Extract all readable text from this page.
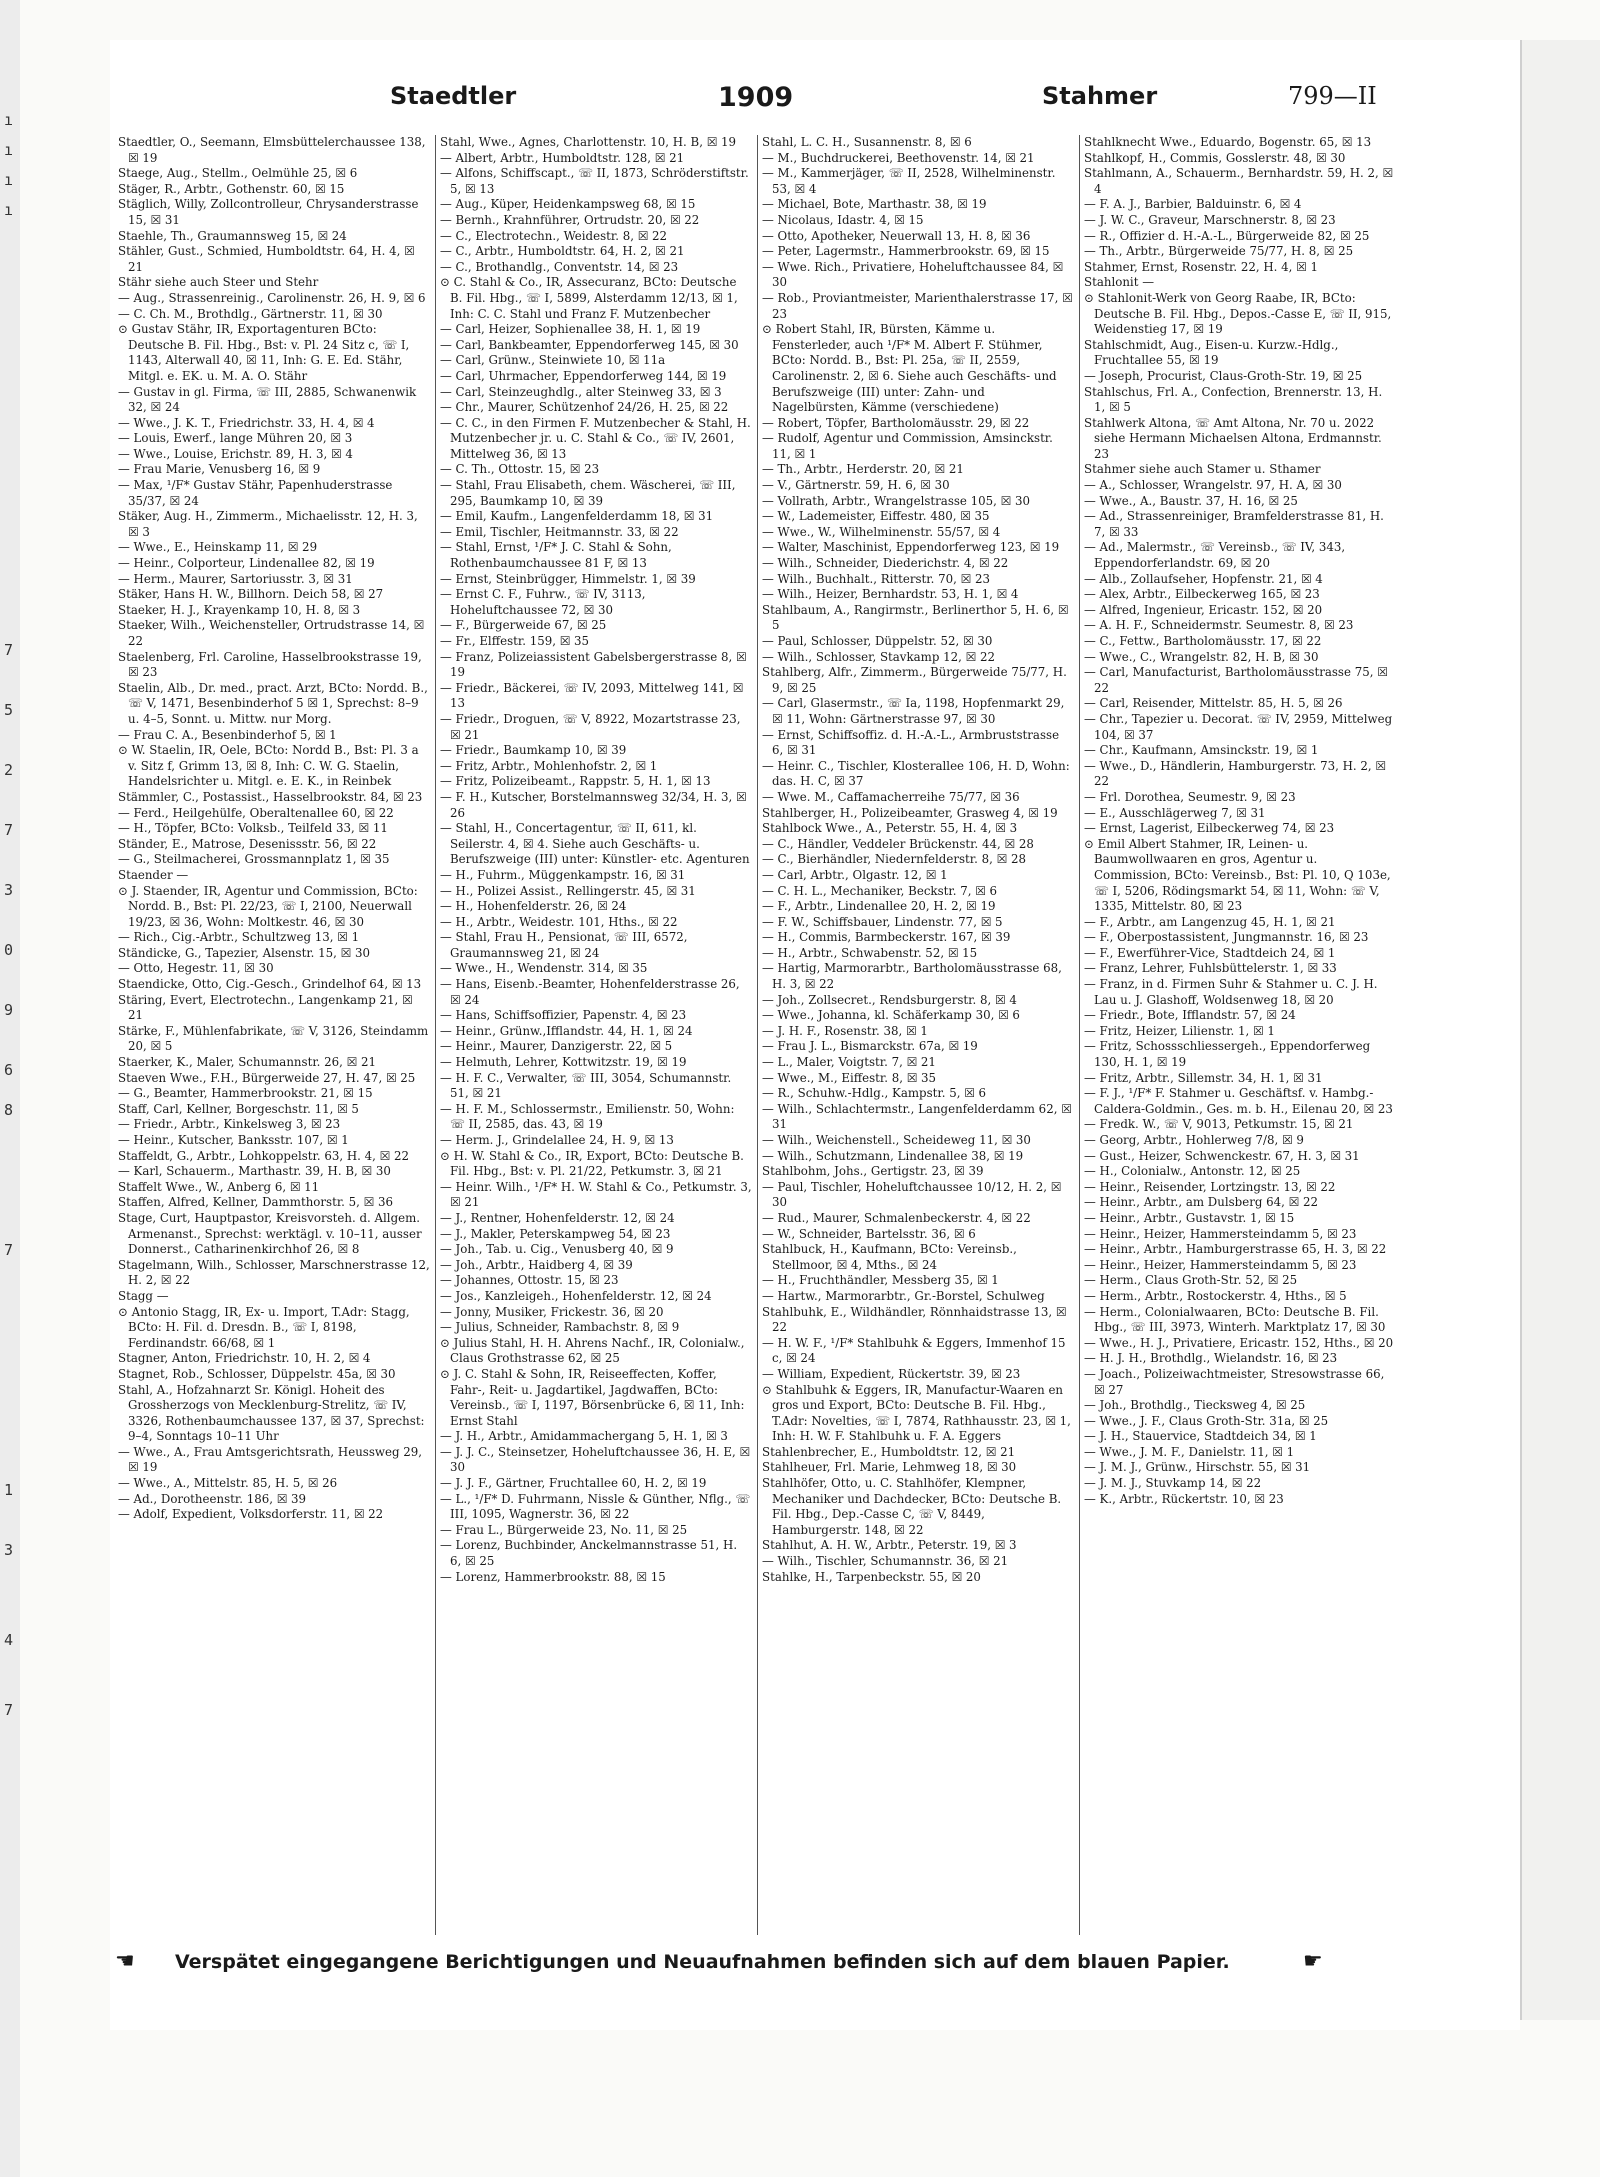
ı
ı
ı
ı
7
5
2
7
3
0
9
6
8
7
1
3
4
7
Staedtler	1909	Stahmer	799—II

Staedtler, O., Seemann, Elmsbüttelerchaussee 138, ☒ 19

Staege, Aug., Stellm., Oelmühle 25, ☒ 6

Stäger, R., Arbtr., Gothenstr. 60, ☒ 15

Stäglich, Willy, Zollcontrolleur, Chrysanderstrasse 15, ☒ 31

Staehle, Th., Graumannsweg 15, ☒ 24

Stähler, Gust., Schmied, Humboldtstr. 64, H. 4, ☒ 21

Stähr siehe auch Steer und Stehr

— Aug., Strassenreinig., Carolinenstr. 26, H. 9, ☒ 6

— C. Ch. M., Brothdlg., Gärtnerstr. 11, ☒ 30

⊙ Gustav Stähr, IR, Exportagenturen BCto: Deutsche B. Fil. Hbg., Bst: v. Pl. 24 Sitz c, ☏ I, 1143, Alterwall 40, ☒ 11, Inh: G. E. Ed. Stähr, Mitgl. e. EK. u. M. A. O. Stähr

— Gustav in gl. Firma, ☏ III, 2885, Schwanenwik 32, ☒ 24

— Wwe., J. K. T., Friedrichstr. 33, H. 4, ☒ 4

— Louis, Ewerf., lange Mühren 20, ☒ 3

— Wwe., Louise, Erichstr. 89, H. 3, ☒ 4

— Frau Marie, Venusberg 16, ☒ 9

— Max, ¹/F* Gustav Stähr, Papenhuderstrasse 35/37, ☒ 24

Stäker, Aug. H., Zimmerm., Michaelisstr. 12, H. 3, ☒ 3

— Wwe., E., Heinskamp 11, ☒ 29

— Heinr., Colporteur, Lindenallee 82, ☒ 19

— Herm., Maurer, Sartoriusstr. 3, ☒ 31

Stäker, Hans H. W., Billhorn. Deich 58, ☒ 27

Staeker, H. J., Krayenkamp 10, H. 8, ☒ 3

Staeker, Wilh., Weichensteller, Ortrudstrasse 14, ☒ 22

Staelenberg, Frl. Caroline, Hasselbrookstrasse 19, ☒ 23

Staelin, Alb., Dr. med., pract. Arzt, BCto: Nordd. B., ☏ V, 1471, Besenbinderhof 5 ☒ 1, Sprechst: 8–9 u. 4–5, Sonnt. u. Mittw. nur Morg.

— Frau C. A., Besenbinderhof 5, ☒ 1

⊙ W. Staelin, IR, Oele, BCto: Nordd B., Bst: Pl. 3 a v. Sitz f, Grimm 13, ☒ 8, Inh: C. W. G. Staelin, Handelsrichter u. Mitgl. e. E. K., in Reinbek

Stämmler, C., Postassist., Hasselbrookstr. 84, ☒ 23

— Ferd., Heilgehülfe, Oberaltenallee 60, ☒ 22

— H., Töpfer, BCto: Volksb., Teilfeld 33, ☒ 11

Ständer, E., Matrose, Desenissstr. 56, ☒ 22

— G., Steilmacherei, Grossmannplatz 1, ☒ 35

Staender —

⊙ J. Staender, IR, Agentur und Commission, BCto: Nordd. B., Bst: Pl. 22/23, ☏ I, 2100, Neuerwall 19/23, ☒ 36, Wohn: Moltkestr. 46, ☒ 30

— Rich., Cig.-Arbtr., Schultzweg 13, ☒ 1

Ständicke, G., Tapezier, Alsenstr. 15, ☒ 30

— Otto, Hegestr. 11, ☒ 30

Staendicke, Otto, Cig.-Gesch., Grindelhof 64, ☒ 13

Stäring, Evert, Electrotechn., Langenkamp 21, ☒ 21

Stärke, F., Mühlenfabrikate, ☏ V, 3126, Steindamm 20, ☒ 5

Staerker, K., Maler, Schumannstr. 26, ☒ 21

Staeven Wwe., F.H., Bürgerweide 27, H. 47, ☒ 25

— G., Beamter, Hammerbrookstr. 21, ☒ 15

Staff, Carl, Kellner, Borgeschstr. 11, ☒ 5

— Friedr., Arbtr., Kinkelsweg 3, ☒ 23

— Heinr., Kutscher, Banksstr. 107, ☒ 1

Staffeldt, G., Arbtr., Lohkoppelstr. 63, H. 4, ☒ 22

— Karl, Schauerm., Marthastr. 39, H. B, ☒ 30

Staffelt Wwe., W., Anberg 6, ☒ 11

Staffen, Alfred, Kellner, Dammthorstr. 5, ☒ 36

Stage, Curt, Hauptpastor, Kreisvorsteh. d. Allgem. Armenanst., Sprechst: werktägl. v. 10–11, ausser Donnerst., Catharinenkirchhof 26, ☒ 8

Stagelmann, Wilh., Schlosser, Marschnerstrasse 12, H. 2, ☒ 22

Stagg —

⊙ Antonio Stagg, IR, Ex- u. Import, T.Adr: Stagg, BCto: H. Fil. d. Dresdn. B., ☏ I, 8198, Ferdinandstr. 66/68, ☒ 1

Stagner, Anton, Friedrichstr. 10, H. 2, ☒ 4

Stagnet, Rob., Schlosser, Düppelstr. 45a, ☒ 30

Stahl, A., Hofzahnarzt Sr. Königl. Hoheit des Grossherzogs von Mecklenburg-Strelitz, ☏ IV, 3326, Rothenbaumchaussee 137, ☒ 37, Sprechst: 9–4, Sonntags 10–11 Uhr

— Wwe., A., Frau Amtsgerichtsrath, Heussweg 29, ☒ 19

— Wwe., A., Mittelstr. 85, H. 5, ☒ 26

— Ad., Dorotheenstr. 186, ☒ 39

— Adolf, Expedient, Volksdorferstr. 11, ☒ 22

Stahl, Wwe., Agnes, Charlottenstr. 10, H. B, ☒ 19

— Albert, Arbtr., Humboldtstr. 128, ☒ 21

— Alfons, Schiffscapt., ☏ II, 1873, Schröderstiftstr. 5, ☒ 13

— Aug., Küper, Heidenkampsweg 68, ☒ 15

— Bernh., Krahnführer, Ortrudstr. 20, ☒ 22

— C., Electrotechn., Weidestr. 8, ☒ 22

— C., Arbtr., Humboldtstr. 64, H. 2, ☒ 21

— C., Brothandlg., Conventstr. 14, ☒ 23

⊙ C. Stahl & Co., IR, Assecuranz, BCto: Deutsche B. Fil. Hbg., ☏ I, 5899, Alsterdamm 12/13, ☒ 1, Inh: C. C. Stahl und Franz F. Mutzenbecher

— Carl, Heizer, Sophienallee 38, H. 1, ☒ 19

— Carl, Bankbeamter, Eppendorferweg 145, ☒ 30

— Carl, Grünw., Steinwiete 10, ☒ 11a

— Carl, Uhrmacher, Eppendorferweg 144, ☒ 19

— Carl, Steinzeughdlg., alter Steinweg 33, ☒ 3

— Chr., Maurer, Schützenhof 24/26, H. 25, ☒ 22

— C. C., in den Firmen F. Mutzenbecher & Stahl, H. Mutzenbecher jr. u. C. Stahl & Co., ☏ IV, 2601, Mittelweg 36, ☒ 13

— C. Th., Ottostr. 15, ☒ 23

— Stahl, Frau Elisabeth, chem. Wäscherei, ☏ III, 295, Baumkamp 10, ☒ 39

— Emil, Kaufm., Langenfelderdamm 18, ☒ 31

— Emil, Tischler, Heitmannstr. 33, ☒ 22

— Stahl, Ernst, ¹/F* J. C. Stahl & Sohn, Rothenbaumchaussee 81 F, ☒ 13

— Ernst, Steinbrügger, Himmelstr. 1, ☒ 39

— Ernst C. F., Fuhrw., ☏ IV, 3113, Hoheluftchaussee 72, ☒ 30

— F., Bürgerweide 67, ☒ 25

— Fr., Elffestr. 159, ☒ 35

— Franz, Polizeiassistent Gabelsbergerstrasse 8, ☒ 19

— Friedr., Bäckerei, ☏ IV, 2093, Mittelweg 141, ☒ 13

— Friedr., Droguen, ☏ V, 8922, Mozartstrasse 23, ☒ 21

— Friedr., Baumkamp 10, ☒ 39

— Fritz, Arbtr., Mohlenhofstr. 2, ☒ 1

— Fritz, Polizeibeamt., Rappstr. 5, H. 1, ☒ 13

— F. H., Kutscher, Borstelmannsweg 32/34, H. 3, ☒ 26

— Stahl, H., Concertagentur, ☏ II, 611, kl. Seilerstr. 4, ☒ 4. Siehe auch Geschäfts- u. Berufszweige (III) unter: Künstler- etc. Agenturen

— H., Fuhrm., Müggenkampstr. 16, ☒ 31

— H., Polizei Assist., Rellingerstr. 45, ☒ 31

— H., Hohenfelderstr. 26, ☒ 24

— H., Arbtr., Weidestr. 101, Hths., ☒ 22

— Stahl, Frau H., Pensionat, ☏ III, 6572, Graumannsweg 21, ☒ 24

— Wwe., H., Wendenstr. 314, ☒ 35

— Hans, Eisenb.-Beamter, Hohenfelderstrasse 26, ☒ 24

— Hans, Schiffsoffizier, Papenstr. 4, ☒ 23

— Heinr., Grünw.,Ifflandstr. 44, H. 1, ☒ 24

— Heinr., Maurer, Danzigerstr. 22, ☒ 5

— Helmuth, Lehrer, Kottwitzstr. 19, ☒ 19

— H. F. C., Verwalter, ☏ III, 3054, Schumannstr. 51, ☒ 21

— H. F. M., Schlossermstr., Emilienstr. 50, Wohn: ☏ II, 2585, das. 43, ☒ 19

— Herm. J., Grindelallee 24, H. 9, ☒ 13

⊙ H. W. Stahl & Co., IR, Export, BCto: Deutsche B. Fil. Hbg., Bst: v. Pl. 21/22, Petkumstr. 3, ☒ 21

— Heinr. Wilh., ¹/F* H. W. Stahl & Co., Petkumstr. 3, ☒ 21

— J., Rentner, Hohenfelderstr. 12, ☒ 24

— J., Makler, Peterskampweg 54, ☒ 23

— Joh., Tab. u. Cig., Venusberg 40, ☒ 9

— Joh., Arbtr., Haidberg 4, ☒ 39

— Johannes, Ottostr. 15, ☒ 23

— Jos., Kanzleigeh., Hohenfelderstr. 12, ☒ 24

— Jonny, Musiker, Frickestr. 36, ☒ 20

— Julius, Schneider, Rambachstr. 8, ☒ 9

⊙ Julius Stahl, H. H. Ahrens Nachf., IR, Colonialw., Claus Grothstrasse 62, ☒ 25

⊙ J. C. Stahl & Sohn, IR, Reiseeffecten, Koffer, Fahr-, Reit- u. Jagdartikel, Jagdwaffen, BCto: Vereinsb., ☏ I, 1197, Börsenbrücke 6, ☒ 11, Inh: Ernst Stahl

— J. H., Arbtr., Amidammachergang 5, H. 1, ☒ 3

— J. J. C., Steinsetzer, Hoheluftchaussee 36, H. E, ☒ 30

— J. J. F., Gärtner, Fruchtallee 60, H. 2, ☒ 19

— L., ¹/F* D. Fuhrmann, Nissle & Günther, Nflg., ☏ III, 1095, Wagnerstr. 36, ☒ 22

— Frau L., Bürgerweide 23, No. 11, ☒ 25

— Lorenz, Buchbinder, Anckelmannstrasse 51, H. 6, ☒ 25

— Lorenz, Hammerbrookstr. 88, ☒ 15

Stahl, L. C. H., Susannenstr. 8, ☒ 6

— M., Buchdruckerei, Beethovenstr. 14, ☒ 21

— M., Kammerjäger, ☏ II, 2528, Wilhelminenstr. 53, ☒ 4

— Michael, Bote, Marthastr. 38, ☒ 19

— Nicolaus, Idastr. 4, ☒ 15

— Otto, Apotheker, Neuerwall 13, H. 8, ☒ 36

— Peter, Lagermstr., Hammerbrookstr. 69, ☒ 15

— Wwe. Rich., Privatiere, Hoheluftchaussee 84, ☒ 30

— Rob., Proviantmeister, Marienthalerstrasse 17, ☒ 23

⊙ Robert Stahl, IR, Bürsten, Kämme u. Fensterleder, auch ¹/F* M. Albert F. Stühmer, BCto: Nordd. B., Bst: Pl. 25a, ☏ II, 2559, Carolinenstr. 2, ☒ 6. Siehe auch Geschäfts- und Berufszweige (III) unter: Zahn- und Nagelbürsten, Kämme (verschiedene)

— Robert, Töpfer, Bartholomäusstr. 29, ☒ 22

— Rudolf, Agentur und Commission, Amsinckstr. 11, ☒ 1

— Th., Arbtr., Herderstr. 20, ☒ 21

— V., Gärtnerstr. 59, H. 6, ☒ 30

— Vollrath, Arbtr., Wrangelstrasse 105, ☒ 30

— W., Lademeister, Eiffestr. 480, ☒ 35

— Wwe., W., Wilhelminenstr. 55/57, ☒ 4

— Walter, Maschinist, Eppendorferweg 123, ☒ 19

— Wilh., Schneider, Diederichstr. 4, ☒ 22

— Wilh., Buchhalt., Ritterstr. 70, ☒ 23

— Wilh., Heizer, Bernhardstr. 53, H. 1, ☒ 4

Stahlbaum, A., Rangirmstr., Berlinerthor 5, H. 6, ☒ 5

— Paul, Schlosser, Düppelstr. 52, ☒ 30

— Wilh., Schlosser, Stavkamp 12, ☒ 22

Stahlberg, Alfr., Zimmerm., Bürgerweide 75/77, H. 9, ☒ 25

— Carl, Glasermstr., ☏ Ia, 1198, Hopfenmarkt 29, ☒ 11, Wohn: Gärtnerstrasse 97, ☒ 30

— Ernst, Schiffsoffiz. d. H.-A.-L., Armbruststrasse 6, ☒ 31

— Heinr. C., Tischler, Klosterallee 106, H. D, Wohn: das. H. C, ☒ 37

— Wwe. M., Caffamacherreihe 75/77, ☒ 36

Stahlberger, H., Polizeibeamter, Grasweg 4, ☒ 19

Stahlbock Wwe., A., Peterstr. 55, H. 4, ☒ 3

— C., Händler, Veddeler Brückenstr. 44, ☒ 28

— C., Bierhändler, Niedernfelderstr. 8, ☒ 28

— Carl, Arbtr., Olgastr. 12, ☒ 1

— C. H. L., Mechaniker, Beckstr. 7, ☒ 6

— F., Arbtr., Lindenallee 20, H. 2, ☒ 19

— F. W., Schiffsbauer, Lindenstr. 77, ☒ 5

— H., Commis, Barmbeckerstr. 167, ☒ 39

— H., Arbtr., Schwabenstr. 52, ☒ 15

— Hartig, Marmorarbtr., Bartholomäusstrasse 68, H. 3, ☒ 22

— Joh., Zollsecret., Rendsburgerstr. 8, ☒ 4

— Wwe., Johanna, kl. Schäferkamp 30, ☒ 6

— J. H. F., Rosenstr. 38, ☒ 1

— Frau J. L., Bismarckstr. 67a, ☒ 19

— L., Maler, Voigtstr. 7, ☒ 21

— Wwe., M., Eiffestr. 8, ☒ 35

— R., Schuhw.-Hdlg., Kampstr. 5, ☒ 6

— Wilh., Schlachtermstr., Langenfelderdamm 62, ☒ 31

— Wilh., Weichenstell., Scheideweg 11, ☒ 30

— Wilh., Schutzmann, Lindenallee 38, ☒ 19

Stahlbohm, Johs., Gertigstr. 23, ☒ 39

— Paul, Tischler, Hoheluftchaussee 10/12, H. 2, ☒ 30

— Rud., Maurer, Schmalenbeckerstr. 4, ☒ 22

— W., Schneider, Bartelsstr. 36, ☒ 6

Stahlbuck, H., Kaufmann, BCto: Vereinsb., Stellmoor, ☒ 4, Mths., ☒ 24

— H., Fruchthändler, Messberg 35, ☒ 1

— Hartw., Marmorarbtr., Gr.-Borstel, Schulweg

Stahlbuhk, E., Wildhändler, Rönnhaidstrasse 13, ☒ 22

— H. W. F., ¹/F* Stahlbuhk & Eggers, Immenhof 15 c, ☒ 24

— William, Expedient, Rückertstr. 39, ☒ 23

⊙ Stahlbuhk & Eggers, IR, Manufactur-Waaren en gros und Export, BCto: Deutsche B. Fil. Hbg., T.Adr: Novelties, ☏ I, 7874, Rathhausstr. 23, ☒ 1, Inh: H. W. F. Stahlbuhk u. F. A. Eggers

Stahlenbrecher, E., Humboldtstr. 12, ☒ 21

Stahlheuer, Frl. Marie, Lehmweg 18, ☒ 30

Stahlhöfer, Otto, u. C. Stahlhöfer, Klempner, Mechaniker und Dachdecker, BCto: Deutsche B. Fil. Hbg., Dep.-Casse C, ☏ V, 8449, Hamburgerstr. 148, ☒ 22

Stahlhut, A. H. W., Arbtr., Peterstr. 19, ☒ 3

— Wilh., Tischler, Schumannstr. 36, ☒ 21

Stahlke, H., Tarpenbeckstr. 55, ☒ 20

Stahlknecht Wwe., Eduardo, Bogenstr. 65, ☒ 13

Stahlkopf, H., Commis, Gosslerstr. 48, ☒ 30

Stahlmann, A., Schauerm., Bernhardstr. 59, H. 2, ☒ 4

— F. A. J., Barbier, Balduinstr. 6, ☒ 4

— J. W. C., Graveur, Marschnerstr. 8, ☒ 23

— R., Offizier d. H.-A.-L., Bürgerweide 82, ☒ 25

— Th., Arbtr., Bürgerweide 75/77, H. 8, ☒ 25

Stahmer, Ernst, Rosenstr. 22, H. 4, ☒ 1

Stahlonit —

⊙ Stahlonit-Werk von Georg Raabe, IR, BCto: Deutsche B. Fil. Hbg., Depos.-Casse E, ☏ II, 915, Weidenstieg 17, ☒ 19

Stahlschmidt, Aug., Eisen-u. Kurzw.-Hdlg., Fruchtallee 55, ☒ 19

— Joseph, Procurist, Claus-Groth-Str. 19, ☒ 25

Stahlschus, Frl. A., Confection, Brennerstr. 13, H. 1, ☒ 5

Stahlwerk Altona, ☏ Amt Altona, Nr. 70 u. 2022 siehe Hermann Michaelsen Altona, Erdmannstr. 23

Stahmer siehe auch Stamer u. Sthamer

— A., Schlosser, Wrangelstr. 97, H. A, ☒ 30

— Wwe., A., Baustr. 37, H. 16, ☒ 25

— Ad., Strassenreiniger, Bramfelderstrasse 81, H. 7, ☒ 33

— Ad., Malermstr., ☏ Vereinsb., ☏ IV, 343, Eppendorferlandstr. 69, ☒ 20

— Alb., Zollaufseher, Hopfenstr. 21, ☒ 4

— Alex, Arbtr., Eilbeckerweg 165, ☒ 23

— Alfred, Ingenieur, Ericastr. 152, ☒ 20

— A. H. F., Schneidermstr. Seumestr. 8, ☒ 23

— C., Fettw., Bartholomäusstr. 17, ☒ 22

— Wwe., C., Wrangelstr. 82, H. B, ☒ 30

— Carl, Manufacturist, Bartholomäusstrasse 75, ☒ 22

— Carl, Reisender, Mittelstr. 85, H. 5, ☒ 26

— Chr., Tapezier u. Decorat. ☏ IV, 2959, Mittelweg 104, ☒ 37

— Chr., Kaufmann, Amsinckstr. 19, ☒ 1

— Wwe., D., Händlerin, Hamburgerstr. 73, H. 2, ☒ 22

— Frl. Dorothea, Seumestr. 9, ☒ 23

— E., Ausschlägerweg 7, ☒ 31

— Ernst, Lagerist, Eilbeckerweg 74, ☒ 23

⊙ Emil Albert Stahmer, IR, Leinen- u. Baumwollwaaren en gros, Agentur u. Commission, BCto: Vereinsb., Bst: Pl. 10, Q 103e, ☏ I, 5206, Rödingsmarkt 54, ☒ 11, Wohn: ☏ V, 1335, Mittelstr. 80, ☒ 23

— F., Arbtr., am Langenzug 45, H. 1, ☒ 21

— F., Oberpostassistent, Jungmannstr. 16, ☒ 23

— F., Ewerführer-Vice, Stadtdeich 24, ☒ 1

— Franz, Lehrer, Fuhlsbüttelerstr. 1, ☒ 33

— Franz, in d. Firmen Suhr & Stahmer u. C. J. H. Lau u. J. Glashoff, Woldsenweg 18, ☒ 20

— Friedr., Bote, Ifflandstr. 57, ☒ 24

— Fritz, Heizer, Lilienstr. 1, ☒ 1

— Fritz, Schossschliessergeh., Eppendorferweg 130, H. 1, ☒ 19

— Fritz, Arbtr., Sillemstr. 34, H. 1, ☒ 31

— F. J., ¹/F* F. Stahmer u. Geschäftsf. v. Hambg.-Caldera-Goldmin., Ges. m. b. H., Eilenau 20, ☒ 23

— Fredk. W., ☏ V, 9013, Petkumstr. 15, ☒ 21

— Georg, Arbtr., Hohlerweg 7/8, ☒ 9

— Gust., Heizer, Schwenckestr. 67, H. 3, ☒ 31

— H., Colonialw., Antonstr. 12, ☒ 25

— Heinr., Reisender, Lortzingstr. 13, ☒ 22

— Heinr., Arbtr., am Dulsberg 64, ☒ 22

— Heinr., Arbtr., Gustavstr. 1, ☒ 15

— Heinr., Heizer, Hammersteindamm 5, ☒ 23

— Heinr., Arbtr., Hamburgerstrasse 65, H. 3, ☒ 22

— Heinr., Heizer, Hammersteindamm 5, ☒ 23

— Herm., Claus Groth-Str. 52, ☒ 25

— Herm., Arbtr., Rostockerstr. 4, Hths., ☒ 5

— Herm., Colonialwaaren, BCto: Deutsche B. Fil. Hbg., ☏ III, 3973, Winterh. Marktplatz 17, ☒ 30

— Wwe., H. J., Privatiere, Ericastr. 152, Hths., ☒ 20

— H. J. H., Brothdlg., Wielandstr. 16, ☒ 23

— Joach., Polizeiwachtmeister, Stresowstrasse 66, ☒ 27

— Joh., Brothdlg., Tiecksweg 4, ☒ 25

— Wwe., J. F., Claus Groth-Str. 31a, ☒ 25

— J. H., Stauervice, Stadtdeich 34, ☒ 1

— Wwe., J. M. F., Danielstr. 11, ☒ 1

— J. M. J., Grünw., Hirschstr. 55, ☒ 31

— J. M. J., Stuvkamp 14, ☒ 22

— K., Arbtr., Rückertstr. 10, ☒ 23

☚ Verspätet eingegangene Berichtigungen und Neuaufnahmen befinden sich auf dem blauen Papier.	☛
